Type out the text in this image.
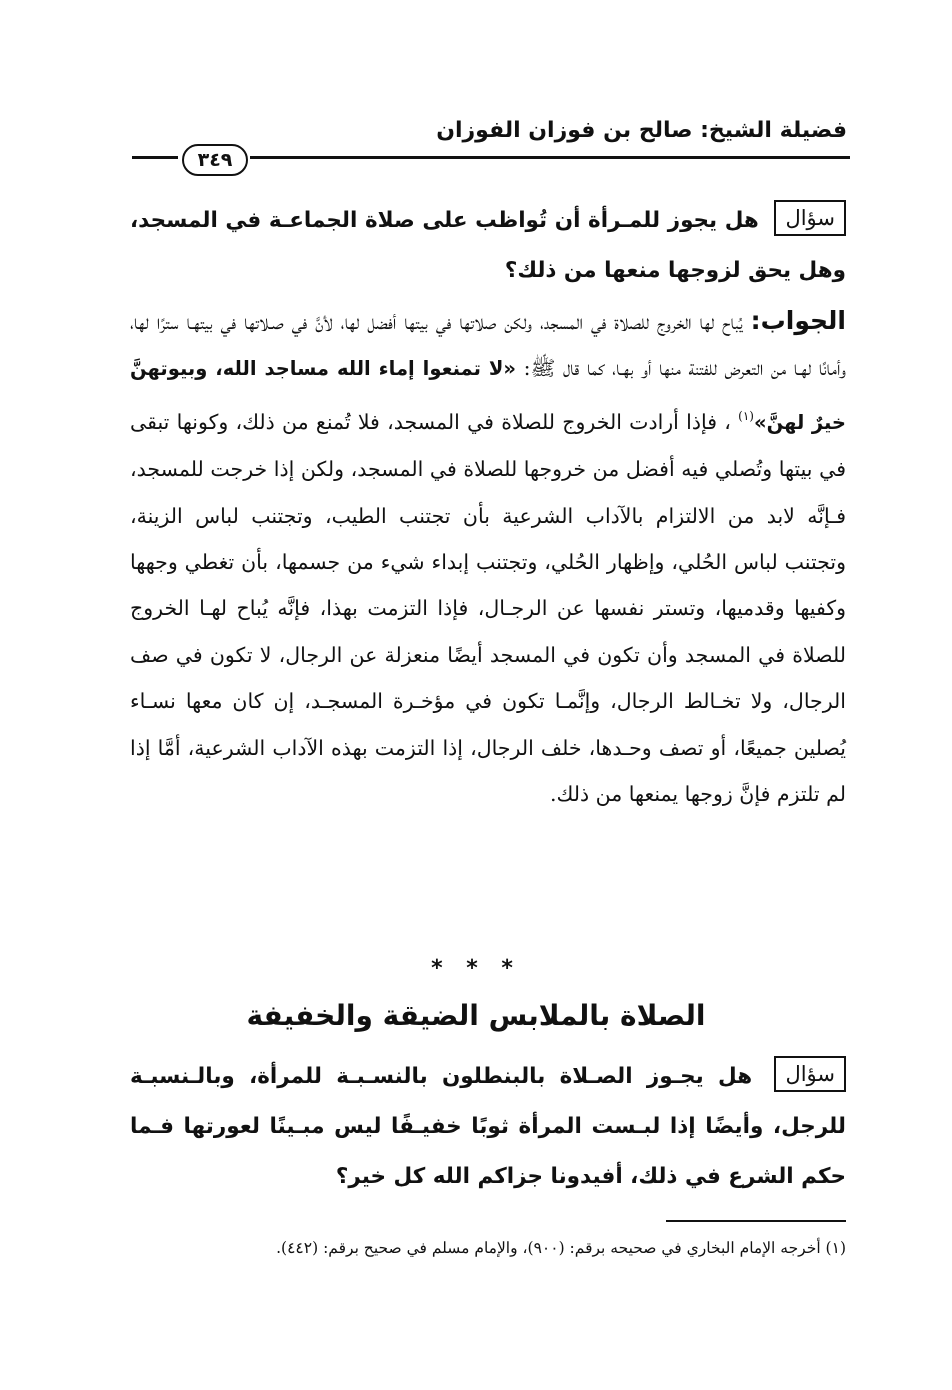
فضيلة الشيخ: صالح بن فوزان الفوزان
٣٤٩
سؤال هل يجوز للمـرأة أن تُواظب على صلاة الجماعـة في المسجد، وهل يحق لزوجها منعها من ذلك؟
الجواب: يُباح لها الخروج للصلاة في المسجد، ولكن صلاتها في بيتها أفضل لها، لأنَّ في صـلاتها في بيتهـا سترًا لها، وأمانًا لهـا من التعرض للفتنة منها أو بهـا، كما قال ﷺ: «لا تمنعوا إماء الله مساجد الله، وبيوتهنَّ خيرٌ لهنَّ»$^{(١)}$ ، فإذا أرادت الخروج للصلاة في المسجد، فلا تُمنع من ذلك، وكونها تبقى في بيتها وتُصلي فيه أفضل من خروجها للصلاة في المسجد، ولكن إذا خرجت للمسجد، فـإنَّه لابد من الالتزام بالآداب الشرعية بأن تجتنب الطيب، وتجتنب لباس الزينة، وتجتنب لباس الحُلي، وإظهار الحُلي، وتجتنب إبداء شيء من جسمها، بأن تغطي وجهها وكفيها وقدميها، وتستر نفسها عن الرجـال، فإذا التزمت بهذا، فإنَّه يُباح لهـا الخروج للصلاة في المسجد وأن تكون في المسجد أيضًا منعزلة عن الرجال، لا تكون في صف الرجال، ولا تخـالط الرجال، وإنَّمـا تكون في مؤخـرة المسجـد، إن كان معها نسـاء يُصلين جميعًا، أو تصف وحـدها، خلف الرجال، إذا التزمت بهذه الآداب الشرعية، أمَّا إذا لم تلتزم فإنَّ زوجها يمنعها من ذلك.
* * *
الصلاة بالملابس الضيقة والخفيفة
سؤال هل يجـوز الصـلاة بالبنطلون بالنسـبـة للمرأة، وبالـنسبـة للرجل، وأيضًا إذا لبـست المرأة ثوبًا خفيـفًا ليس مبـينًا لعورتها فـما حكم الشرع في ذلك، أفيدونا جزاكم الله كل خير؟
(١) أخرجه الإمام البخاري في صحيحه برقم: (٩٠٠)، والإمام مسلم في صحيح برقم: (٤٤٢).
